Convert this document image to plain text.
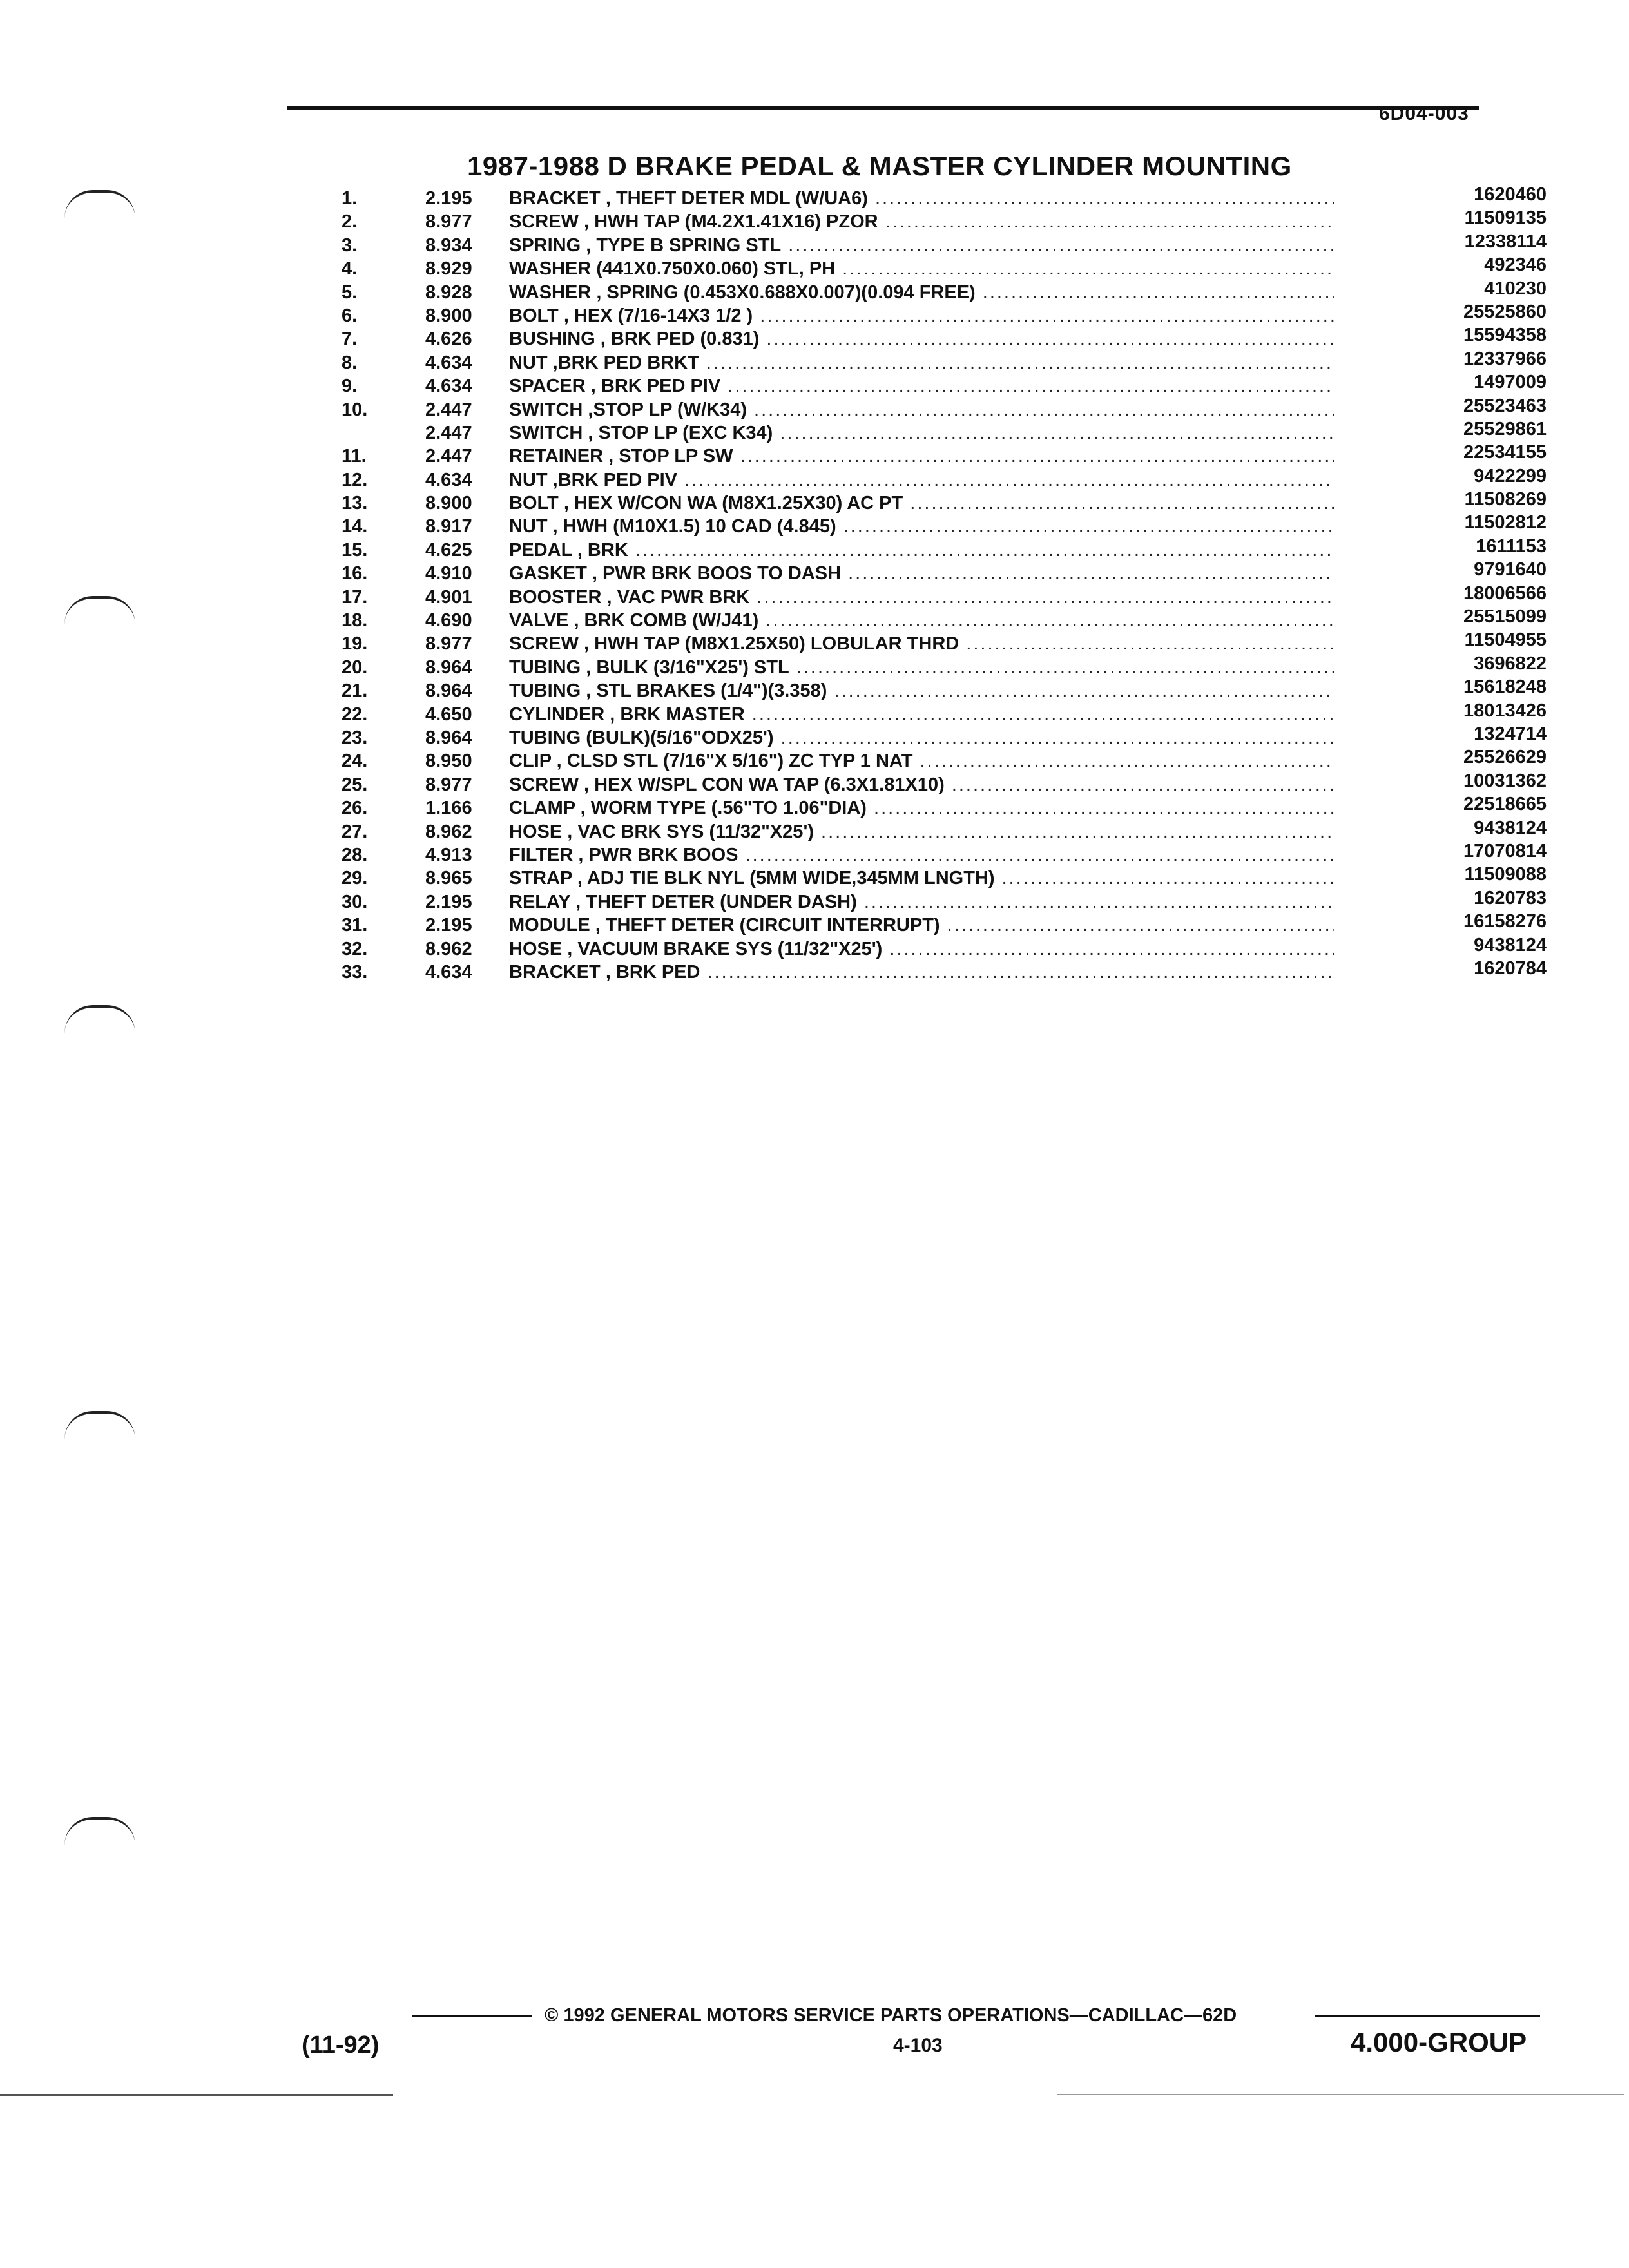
6D04-003
1987-1988 D BRAKE PEDAL & MASTER CYLINDER MOUNTING
1.	2.195	BRACKET , THEFT DETER MDL (W/UA6) .....	1620460
2.	8.977	SCREW , HWH TAP (M4.2X1.41X16) PZOR .....	11509135
3.	8.934	SPRING , TYPE B SPRING STL .....	12338114
4.	8.929	WASHER (441X0.750X0.060) STL, PH .....	492346
5.	8.928	WASHER , SPRING (0.453X0.688X0.007)(0.094 FREE) .....	410230
6.	8.900	BOLT , HEX (7/16-14X3 1/2 ) .....	25525860
7.	4.626	BUSHING , BRK PED (0.831) .....	15594358
8.	4.634	NUT ,BRK PED BRKT .....	12337966
9.	4.634	SPACER , BRK PED PIV .....	1497009
10.	2.447	SWITCH ,STOP LP (W/K34) .....	25523463
2.447	SWITCH , STOP LP (EXC K34) .....	25529861
11.	2.447	RETAINER , STOP LP SW .....	22534155
12.	4.634	NUT ,BRK PED PIV .....	9422299
13.	8.900	BOLT , HEX W/CON WA (M8X1.25X30) AC PT .....	11508269
14.	8.917	NUT , HWH (M10X1.5) 10 CAD (4.845) .....	11502812
15.	4.625	PEDAL , BRK .....	1611153
16.	4.910	GASKET , PWR BRK BOOS TO DASH .....	9791640
17.	4.901	BOOSTER , VAC PWR BRK .....	18006566
18.	4.690	VALVE , BRK COMB (W/J41) .....	25515099
19.	8.977	SCREW , HWH TAP (M8X1.25X50) LOBULAR THRD .....	11504955
20.	8.964	TUBING , BULK (3/16"X25') STL .....	3696822
21.	8.964	TUBING , STL BRAKES (1/4")(3.358) .....	15618248
22.	4.650	CYLINDER , BRK MASTER .....	18013426
23.	8.964	TUBING (BULK)(5/16"ODX25') .....	1324714
24.	8.950	CLIP , CLSD STL (7/16"X 5/16") ZC TYP 1 NAT .....	25526629
25.	8.977	SCREW , HEX W/SPL CON WA TAP (6.3X1.81X10) .....	10031362
26.	1.166	CLAMP , WORM TYPE (.56"TO 1.06"DIA) .....	22518665
27.	8.962	HOSE , VAC BRK SYS (11/32"X25') .....	9438124
28.	4.913	FILTER , PWR BRK BOOS .....	17070814
29.	8.965	STRAP , ADJ TIE BLK NYL (5MM WIDE,345MM LNGTH) .....	11509088
30.	2.195	RELAY , THEFT DETER (UNDER DASH) .....	1620783
31.	2.195	MODULE , THEFT DETER (CIRCUIT INTERRUPT) .....	16158276
32.	8.962	HOSE , VACUUM BRAKE SYS (11/32"X25') .....	9438124
33.	4.634	BRACKET , BRK PED .....	1620784
© 1992 GENERAL MOTORS SERVICE PARTS OPERATIONS—CADILLAC—62D
(11-92)	4-103	4.000-GROUP
